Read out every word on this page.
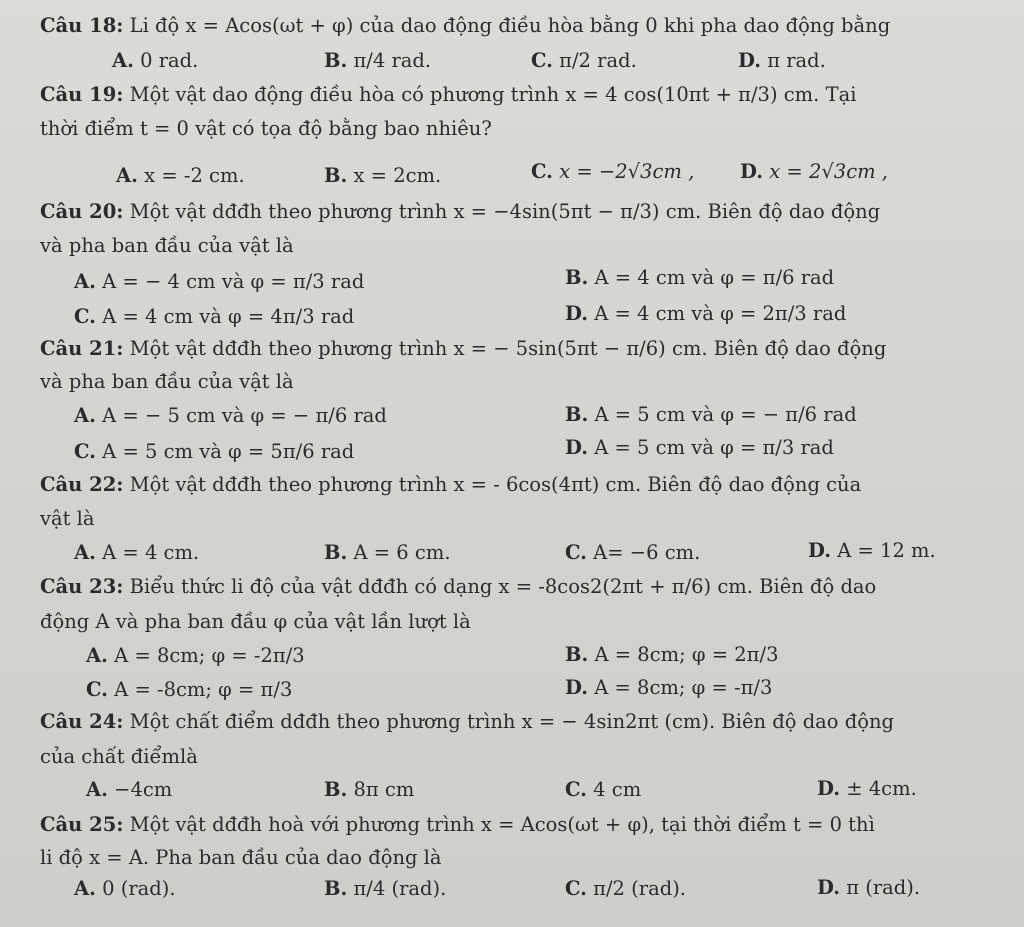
Câu 18: Li độ x = Acos(ωt + φ) của dao động điều hòa bằng 0 khi pha dao động bằng
A. 0 rad.	B. π/4 rad.	C. π/2 rad.	D. π rad.
Câu 19: Một vật dao động điều hòa có phương trình x = 4 cos(10πt + π/3) cm. Tại
thời điểm t = 0 vật có tọa độ bằng bao nhiêu?
A. x = -2 cm.	B. x = 2cm.	C. x = −2√3cm , D. x = 2√3cm ,
Câu 20: Một vật dđđh theo phương trình x = −4sin(5πt − π/3) cm. Biên độ dao động
và pha ban đầu của vật là
A. A = − 4 cm và φ = π/3 rad	B. A = 4 cm và φ = π/6 rad
C. A = 4 cm và φ = 4π/3 rad	D. A = 4 cm và φ = 2π/3 rad
Câu 21: Một vật dđđh theo phương trình x = − 5sin(5πt − π/6) cm. Biên độ dao động
và pha ban đầu của vật là
A. A = − 5 cm và φ = − π/6 rad	B. A = 5 cm và φ = − π/6 rad
C. A = 5 cm và φ = 5π/6 rad	D. A = 5 cm và φ = π/3 rad
Câu 22: Một vật dđđh theo phương trình x = - 6cos(4πt) cm. Biên độ dao động của
vật là
A. A = 4 cm.	B. A = 6 cm.	C. A= −6 cm.	D. A = 12 m.
Câu 23: Biểu thức li độ của vật dđđh có dạng x = -8cos2(2πt + π/6) cm. Biên độ dao
động A và pha ban đầu φ của vật lần lượt là
A. A = 8cm; φ = -2π/3	B. A = 8cm; φ = 2π/3
C. A = -8cm; φ = π/3	D. A = 8cm; φ = -π/3
Câu 24: Một chất điểm dđđh theo phương trình x = − 4sin2πt (cm). Biên độ dao động
của chất điểmlà
A. −4cm	B. 8π cm	C. 4 cm	D. ± 4cm.
Câu 25: Một vật dđđh hoà với phương trình x = Acos(ωt + φ), tại thời điểm t = 0 thì
li độ x = A. Pha ban đầu của dao động là
A. 0 (rad).	B. π/4 (rad).	C. π/2 (rad).	D. π (rad).
